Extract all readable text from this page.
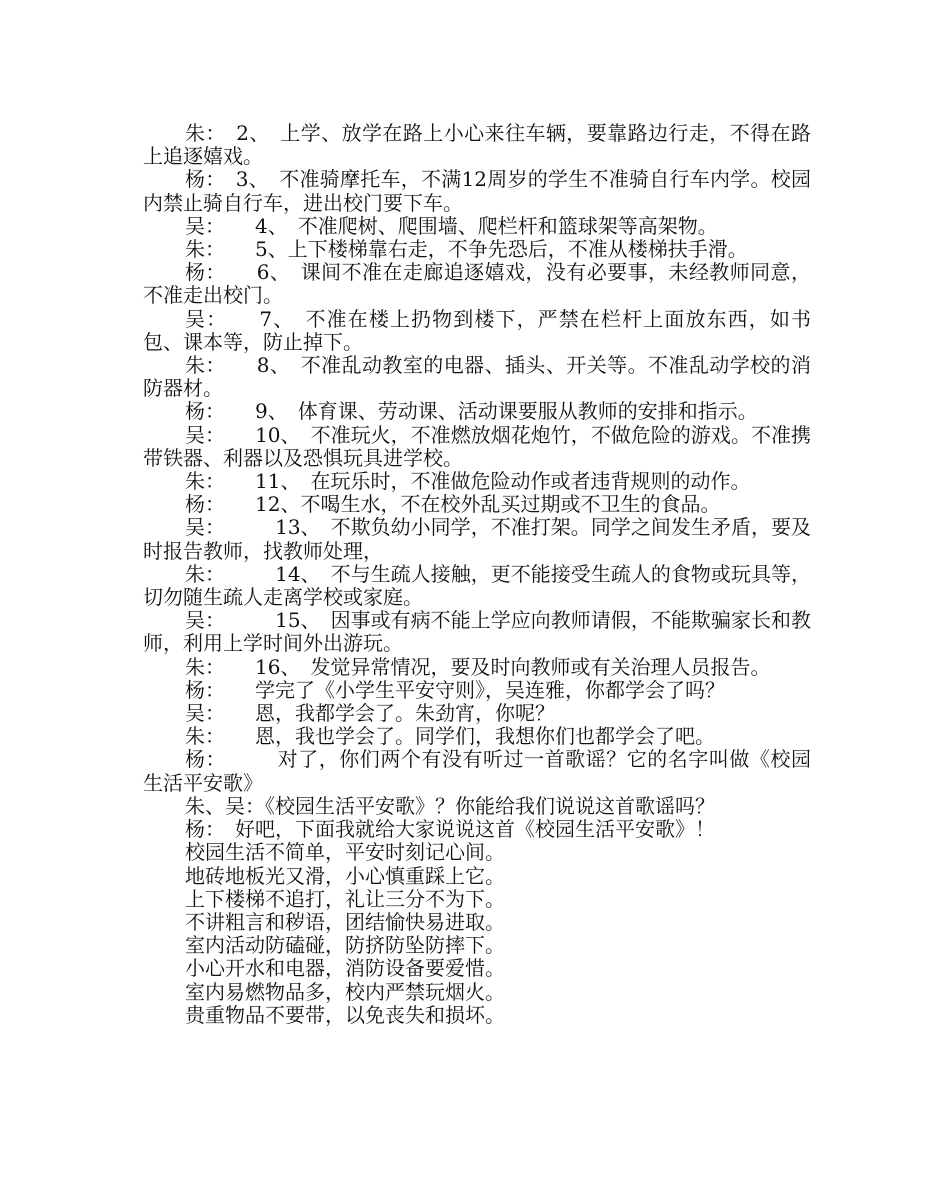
朱：　2、　上学、放学在路上小心来往车辆，要靠路边行走，不得在路上追逐嬉戏。

杨：　3、　不准骑摩托车，不满12周岁的学生不准骑自行车内学。校园内禁止骑自行车，进出校门要下车。

吴：　　4、　不准爬树、爬围墙、爬栏杆和篮球架等高架物。

朱：　　5、上下楼梯靠右走，不争先恐后，不准从楼梯扶手滑。

杨：　　6、　课间不准在走廊追逐嬉戏，没有必要事，未经教师同意，不准走出校门。

吴：　　7、　不准在楼上扔物到楼下，严禁在栏杆上面放东西，如书包、课本等，防止掉下。

朱：　　8、　不准乱动教室的电器、插头、开关等。不准乱动学校的消防器材。

杨：　　9、　体育课、劳动课、活动课要服从教师的安排和指示。

吴：　　10、　不准玩火，不准燃放烟花炮竹，不做危险的游戏。不准携带铁器、利器以及恐惧玩具进学校。

朱：　　11、　在玩乐时，不准做危险动作或者违背规则的动作。

杨：　　12、不喝生水，不在校外乱买过期或不卫生的食品。

吴：　　　13、　不欺负幼小同学，不准打架。同学之间发生矛盾，要及时报告教师，找教师处理，

朱：　　　14、　不与生疏人接触，更不能接受生疏人的食物或玩具等，切勿随生疏人走离学校或家庭。

吴：　　　15、　因事或有病不能上学应向教师请假，不能欺骗家长和教师，利用上学时间外出游玩。

朱：　　16、　发觉异常情况，要及时向教师或有关治理人员报告。

杨：　　学完了《小学生平安守则》，吴连雅，你都学会了吗？

吴：　　恩，我都学会了。朱劲宵，你呢？

朱：　　恩，我也学会了。同学们，我想你们也都学会了吧。

杨：　　　对了，你们两个有没有听过一首歌谣？它的名字叫做《校园生活平安歌》

朱、吴：《校园生活平安歌》？你能给我们说说这首歌谣吗？

杨：　好吧，下面我就给大家说说这首《校园生活平安歌》！

校园生活不简单，平安时刻记心间。

地砖地板光又滑，小心慎重踩上它。

上下楼梯不追打，礼让三分不为下。

不讲粗言和秽语，团结愉快易进取。

室内活动防磕碰，防挤防坠防摔下。

小心开水和电器，消防设备要爱惜。

室内易燃物品多，校内严禁玩烟火。

贵重物品不要带，以免丧失和损坏。
